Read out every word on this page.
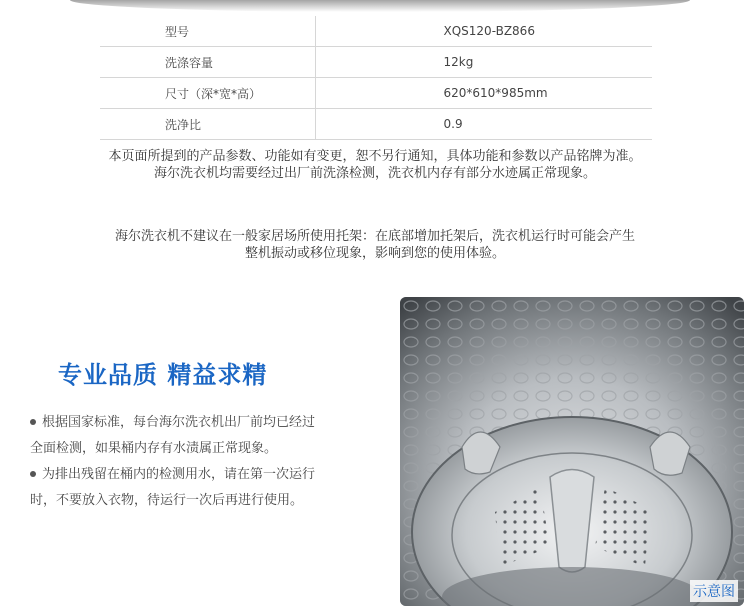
型号	XQS120-BZ866
洗涤容量	12kg
尺寸（深*宽*高）	620*610*985mm
洗净比	0.9
本页面所提到的产品参数、功能如有变更，恕不另行通知，具体功能和参数以产品铭牌为准。
海尔洗衣机均需要经过出厂前洗涤检测，洗衣机内存有部分水迹属正常现象。
海尔洗衣机不建议在一般家居场所使用托架：在底部增加托架后，洗衣机运行时可能会产生
整机振动或移位现象，影响到您的使用体验。
专业品质 精益求精
根据国家标准，每台海尔洗衣机出厂前均已经过
全面检测，如果桶内存有水渍属正常现象。
为排出残留在桶内的检测用水，请在第一次运行
时，不要放入衣物，待运行一次后再进行使用。
示意图
